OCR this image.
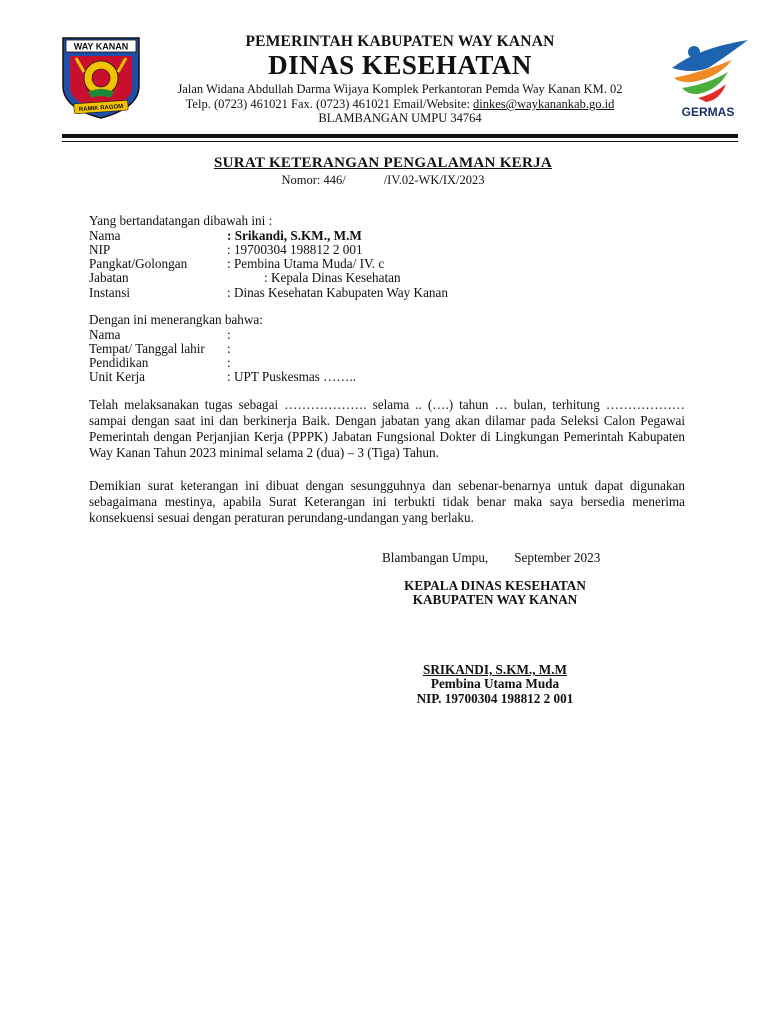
WAY KANAN
RAMIK RAGOM	GERMAS
PEMERINTAH KABUPATEN WAY KANAN
DINAS KESEHATAN
Jalan Widana Abdullah Darma Wijaya Komplek Perkantoran Pemda Way Kanan KM. 02
Telp. (0723) 461021 Fax. (0723) 461021 Email/Website: dinkes@waykanankab.go.id
BLAMBANGAN UMPU 34764
SURAT KETERANGAN PENGALAMAN KERJA
Nomor: 446/	/IV.02-WK/IX/2023
Yang bertandatangan dibawah ini :
Nama	: Srikandi, S.KM., M.M
NIP	: 19700304 198812 2 001
Pangkat/Golongan	: Pembina Utama Muda/ IV. c
Jabatan	: Kepala Dinas Kesehatan
Instansi	: Dinas Kesehatan Kabupaten Way Kanan
Dengan ini menerangkan bahwa:
Nama	:
Tempat/ Tanggal lahir :
Pendidikan	:
Unit Kerja	: UPT Puskesmas ……..
Telah melaksanakan tugas sebagai ………………. selama .. (….) tahun … bulan, terhitung ………………sampai dengan saat ini dan berkinerja Baik. Dengan jabatan yang akan dilamar pada Seleksi Calon Pegawai Pemerintah dengan Perjanjian Kerja (PPPK) Jabatan Fungsional Dokter di Lingkungan Pemerintah Kabupaten Way Kanan Tahun 2023 minimal selama 2 (dua) – 3 (Tiga) Tahun.
Demikian surat keterangan ini dibuat dengan sesungguhnya dan sebenar-benarnya untuk dapat digunakan sebagaimana mestinya, apabila Surat Keterangan ini terbukti tidak benar maka saya bersedia menerima konsekuensi sesuai dengan peraturan perundang-undangan yang berlaku.
Blambangan Umpu, September 2023
KEPALA DINAS KESEHATAN
KABUPATEN WAY KANAN
SRIKANDI, S.KM., M.M
Pembina Utama Muda
NIP. 19700304 198812 2 001
